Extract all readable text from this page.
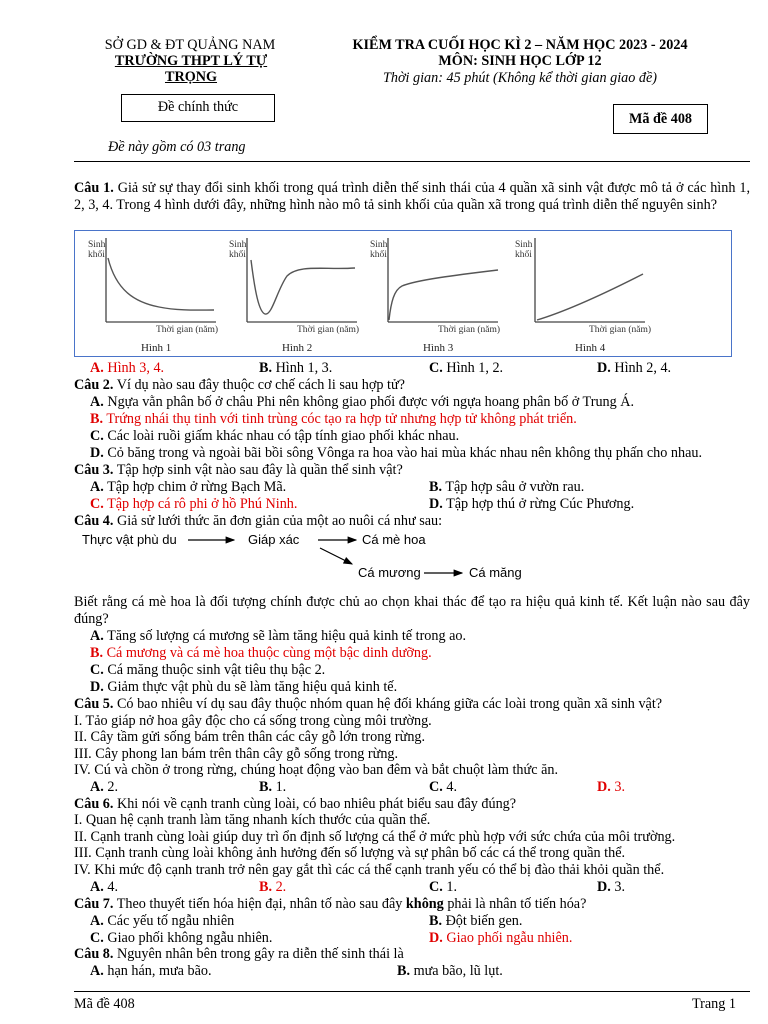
SỞ GD & ĐT QUẢNG NAM
TRƯỜNG THPT LÝ TỰ
TRỌNG
Đề chính thức
Đề này gồm có 03 trang
KIỂM TRA CUỐI HỌC KÌ 2 – NĂM HỌC 2023 - 2024
MÔN: SINH HỌC LỚP 12
Thời gian: 45 phút (Không kể thời gian giao đề)
Mã đề 408
Câu 1. Giả sử sự thay đổi sinh khối trong quá trình diễn thế sinh thái của 4 quần xã sinh vật được mô tả ở các hình 1, 2, 3, 4. Trong 4 hình dưới đây, những hình nào mô tả sinh khối của quần xã trong quá trình diễn thế nguyên sinh?
Sinh
khối
Thời gian (năm)
Hình 1
Sinh
khối
Thời gian (năm)
Hình 2
Sinh
khối
Thời gian (năm)
Hình 3
Sinh
khối
Thời gian (năm)
Hình 4
A. Hình 3, 4.	B. Hình 1, 3.	C. Hình 1, 2.	D. Hình 2, 4.
Câu 2. Ví dụ nào sau đây thuộc cơ chế cách li sau hợp tử?
A. Ngựa vằn phân bố ở châu Phi nên không giao phối được với ngựa hoang phân bố ở Trung Á.
B. Trứng nhái thụ tinh với tinh trùng cóc tạo ra hợp tử nhưng hợp tử không phát triển.
C. Các loài ruồi giấm khác nhau có tập tính giao phối khác nhau.
D. Cỏ băng trong và ngoài bãi bồi sông Vônga ra hoa vào hai mùa khác nhau nên không thụ phấn cho nhau.
Câu 3. Tập hợp sinh vật nào sau đây là quần thể sinh vật?
A. Tập hợp chim ở rừng Bạch Mã.	B. Tập hợp sâu ở vườn rau.
C. Tập hợp cá rô phi ở hồ Phú Ninh.	D. Tập hợp thú ở rừng Cúc Phương.
Câu 4. Giả sử lưới thức ăn đơn giản của một ao nuôi cá như sau:
Thực vật phù du	Giáp xác	Cá mè hoa
Cá mương	Cá măng
Biết rằng cá mè hoa là đối tượng chính được chủ ao chọn khai thác để tạo ra hiệu quả kinh tế. Kết luận nào sau đây đúng?
A. Tăng số lượng cá mương sẽ làm tăng hiệu quả kinh tế trong ao.
B. Cá mương và cá mè hoa thuộc cùng một bậc dinh dưỡng.
C. Cá măng thuộc sinh vật tiêu thụ bậc 2.
D. Giảm thực vật phù du sẽ làm tăng hiệu quả kinh tế.
Câu 5. Có bao nhiêu ví dụ sau đây thuộc nhóm quan hệ đối kháng giữa các loài trong quần xã sinh vật?
I. Tảo giáp nở hoa gây độc cho cá sống trong cùng môi trường.
II. Cây tầm gửi sống bám trên thân các cây gỗ lớn trong rừng.
III. Cây phong lan bám trên thân cây gỗ sống trong rừng.
IV. Cú và chồn ở trong rừng, chúng hoạt động vào ban đêm và bắt chuột làm thức ăn.
A. 2.	B. 1.	C. 4.	D. 3.
Câu 6. Khi nói về cạnh tranh cùng loài, có bao nhiêu phát biểu sau đây đúng?
I. Quan hệ cạnh tranh làm tăng nhanh kích thước của quần thể.
II. Cạnh tranh cùng loài giúp duy trì ổn định số lượng cá thể ở mức phù hợp với sức chứa của môi trường.
III. Cạnh tranh cùng loài không ảnh hưởng đến số lượng và sự phân bố các cá thể trong quần thể.
IV. Khi mức độ cạnh tranh trở nên gay gắt thì các cá thể cạnh tranh yếu có thể bị đào thải khỏi quần thể.
A. 4.	B. 2.	C. 1.	D. 3.
Câu 7. Theo thuyết tiến hóa hiện đại, nhân tố nào sau đây không phải là nhân tố tiến hóa?
A. Các yếu tố ngẫu nhiên	B. Đột biến gen.
C. Giao phối không ngẫu nhiên.	D. Giao phối ngẫu nhiên.
Câu 8. Nguyên nhân bên trong gây ra diễn thế sinh thái là
A. hạn hán, mưa bão.	B. mưa bão, lũ lụt.
Mã đề 408	Trang 1
